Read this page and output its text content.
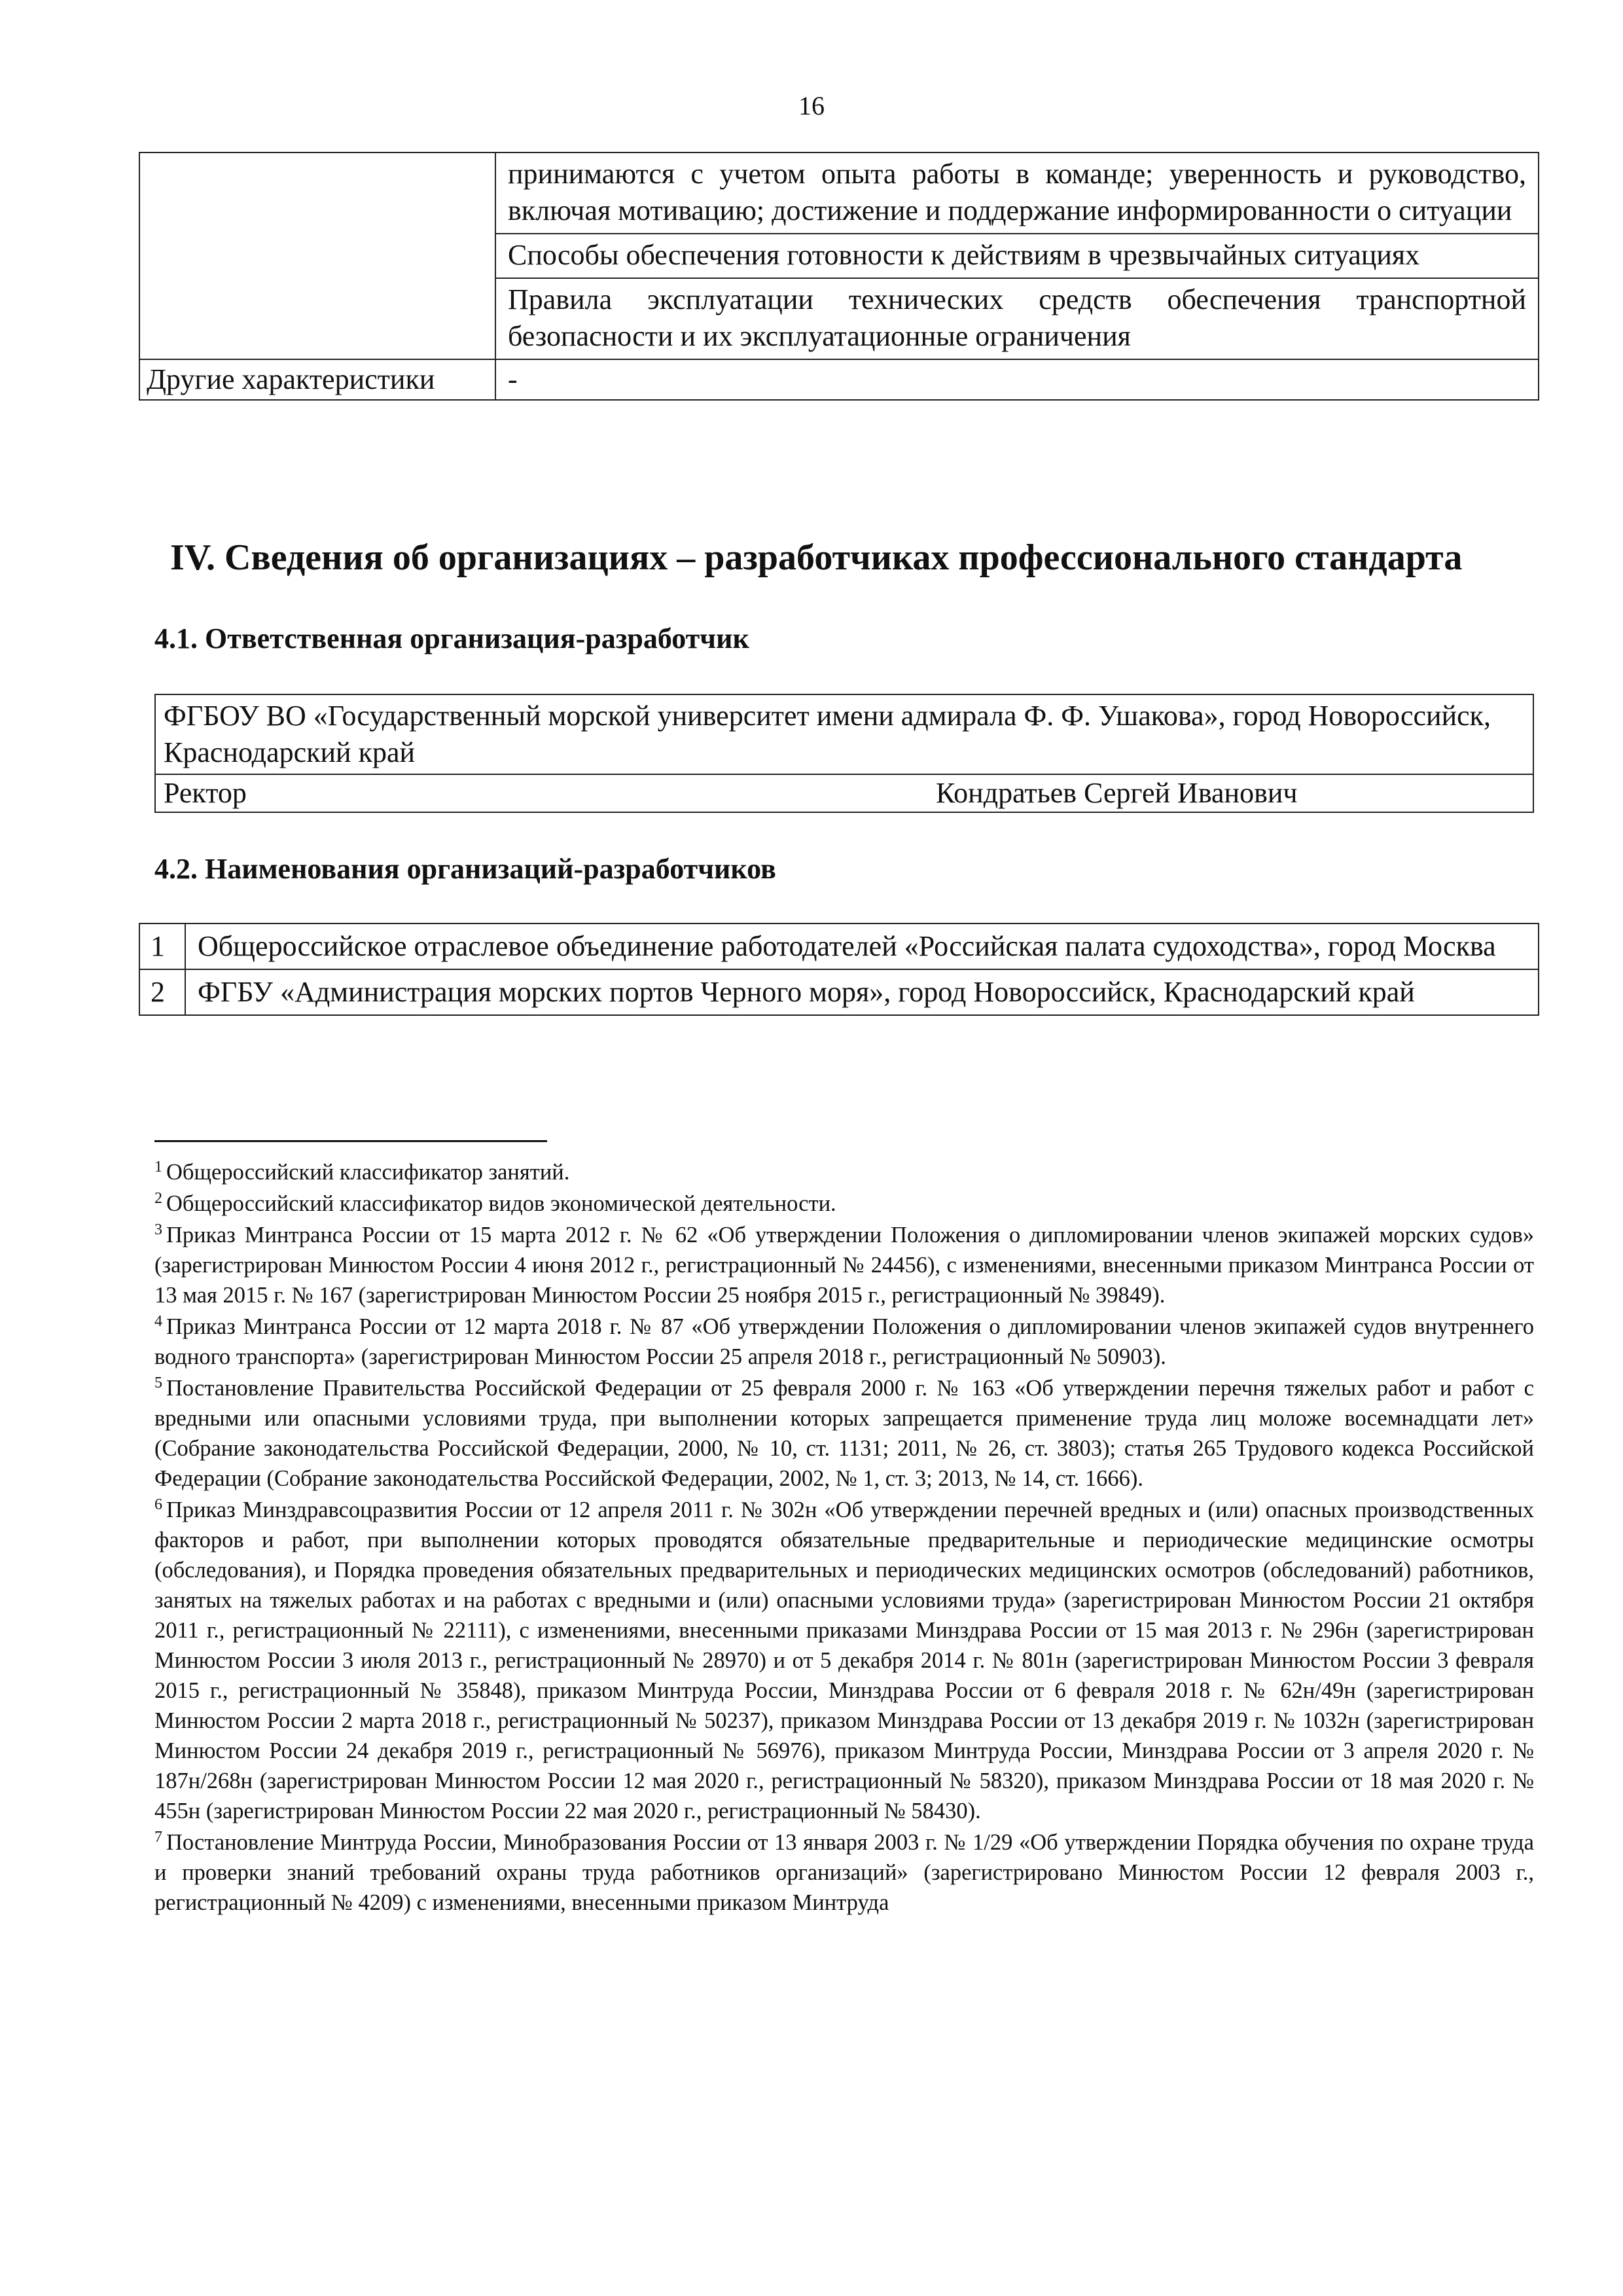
16
	принимаются с учетом опыта работы в команде; уверенность и руководство, включая мотивацию; достижение и поддержание информированности о ситуации
	Способы обеспечения готовности к действиям в чрезвычайных ситуациях
	Правила эксплуатации технических средств обеспечения транспортной безопасности и их эксплуатационные ограничения
Другие характеристики	-
IV. Сведения об организациях – разработчиках профессионального стандарта
4.1. Ответственная организация-разработчик
ФГБОУ ВО «Государственный морской университет имени адмирала Ф. Ф. Ушакова», город Новороссийск, Краснодарский край

Ректор	Кондратьев Сергей Иванович
4.2. Наименования организаций-разработчиков
1	Общероссийское отраслевое объединение работодателей «Российская палата судоходства», город Москва
2	ФГБУ «Администрация морских портов Черного моря», город Новороссийск, Краснодарский край

$^1$ Общероссийский классификатор занятий.

$^2$ Общероссийский классификатор видов экономической деятельности.

$^3$ Приказ Минтранса России от 15 марта 2012 г. № 62 «Об утверждении Положения о дипломировании членов экипажей морских судов» (зарегистрирован Минюстом России 4 июня 2012 г., регистрационный № 24456), с изменениями, внесенными приказом Минтранса России от 13 мая 2015 г. № 167 (зарегистрирован Минюстом России 25 ноября 2015 г., регистрационный № 39849).

$^4$ Приказ Минтранса России от 12 марта 2018 г. № 87 «Об утверждении Положения о дипломировании членов экипажей судов внутреннего водного транспорта» (зарегистрирован Минюстом России 25 апреля 2018 г., регистрационный № 50903).

$^5$ Постановление Правительства Российской Федерации от 25 февраля 2000 г. № 163 «Об утверждении перечня тяжелых работ и работ с вредными или опасными условиями труда, при выполнении которых запрещается применение труда лиц моложе восемнадцати лет» (Собрание законодательства Российской Федерации, 2000, № 10, ст. 1131; 2011, № 26, ст. 3803); статья 265 Трудового кодекса Российской Федерации (Собрание законодательства Российской Федерации, 2002, № 1, ст. 3; 2013, № 14, ст. 1666).

$^6$ Приказ Минздравсоцразвития России от 12 апреля 2011 г. № 302н «Об утверждении перечней вредных и (или) опасных производственных факторов и работ, при выполнении которых проводятся обязательные предварительные и периодические медицинские осмотры (обследования), и Порядка проведения обязательных предварительных и периодических медицинских осмотров (обследований) работников, занятых на тяжелых работах и на работах с вредными и (или) опасными условиями труда» (зарегистрирован Минюстом России 21 октября 2011 г., регистрационный № 22111), с изменениями, внесенными приказами Минздрава России от 15 мая 2013 г. № 296н (зарегистрирован Минюстом России 3 июля 2013 г., регистрационный № 28970) и от 5 декабря 2014 г. № 801н (зарегистрирован Минюстом России 3 февраля 2015 г., регистрационный № 35848), приказом Минтруда России, Минздрава России от 6 февраля 2018 г. № 62н/49н (зарегистрирован Минюстом России 2 марта 2018 г., регистрационный № 50237), приказом Минздрава России от 13 декабря 2019 г. № 1032н (зарегистрирован Минюстом России 24 декабря 2019 г., регистрационный № 56976), приказом Минтруда России, Минздрава России от 3 апреля 2020 г. № 187н/268н (зарегистрирован Минюстом России 12 мая 2020 г., регистрационный № 58320), приказом Минздрава России от 18 мая 2020 г. № 455н (зарегистрирован Минюстом России 22 мая 2020 г., регистрационный № 58430).

$^7$ Постановление Минтруда России, Минобразования России от 13 января 2003 г. № 1/29 «Об утверждении Порядка обучения по охране труда и проверки знаний требований охраны труда работников организаций» (зарегистрировано Минюстом России 12 февраля 2003 г., регистрационный № 4209) с изменениями, внесенными приказом Минтруда
